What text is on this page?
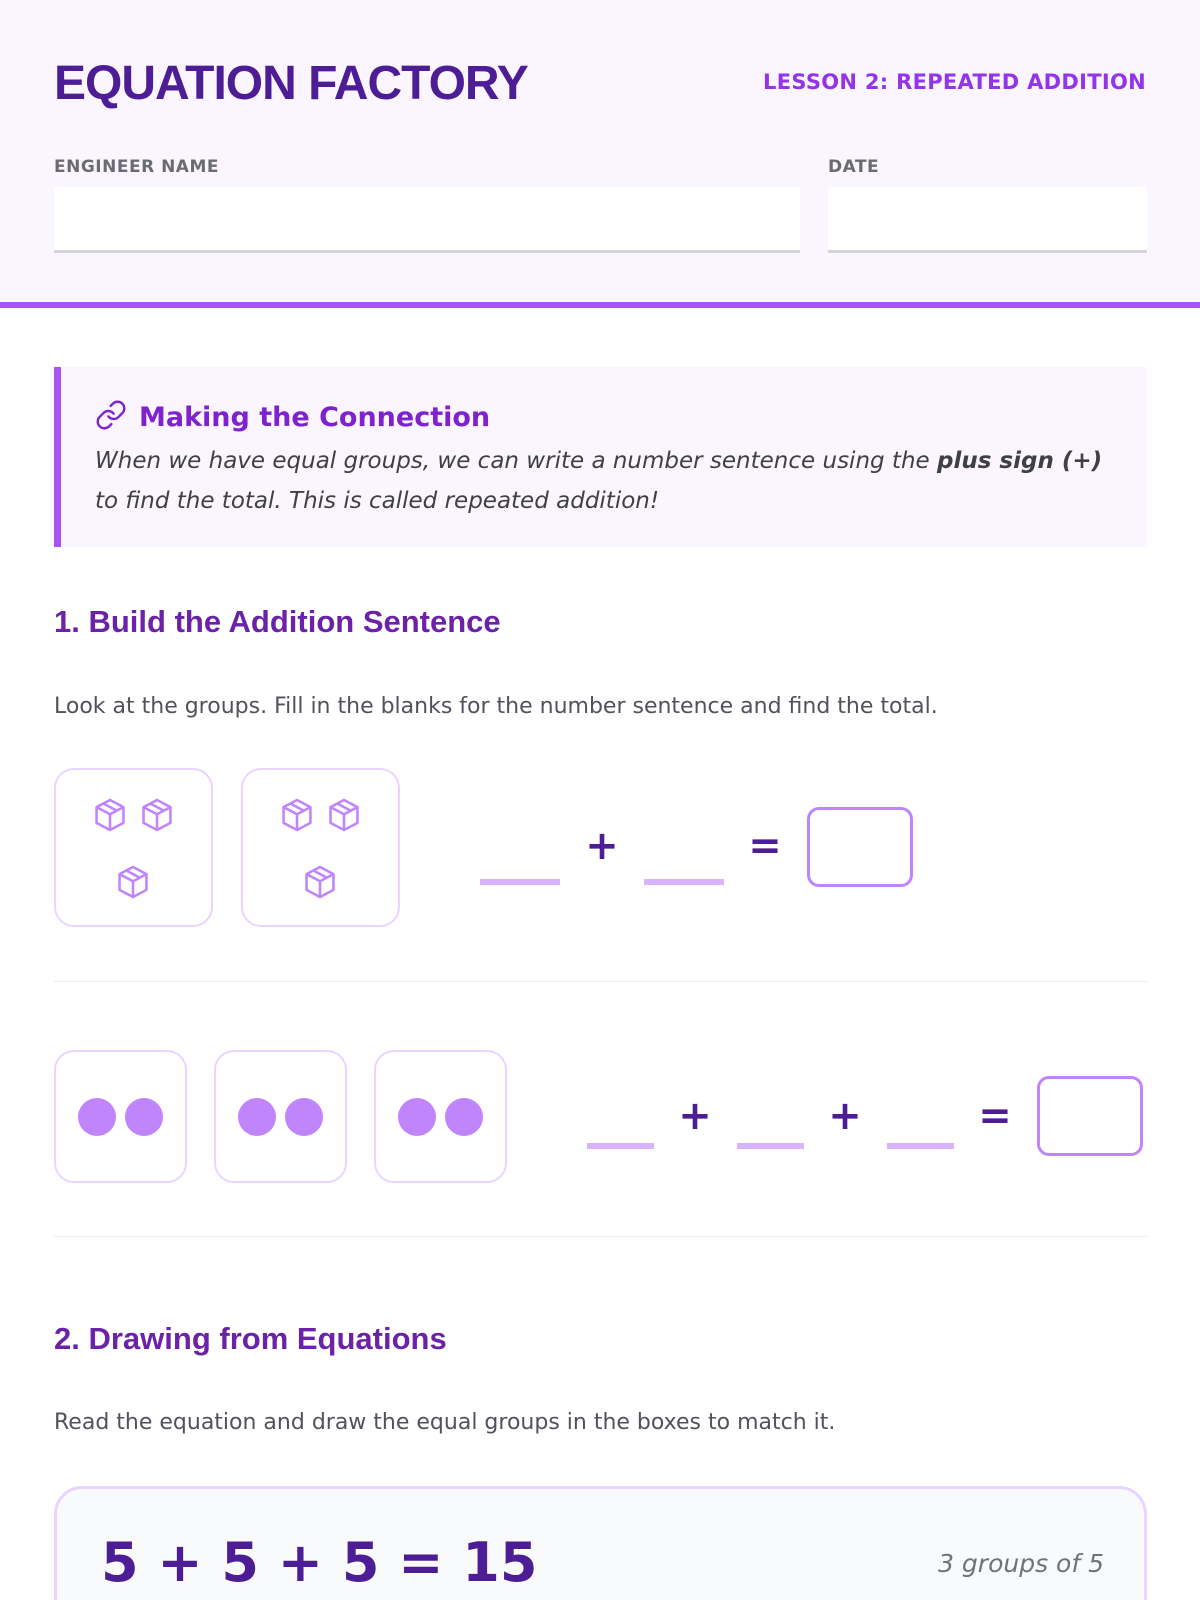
EQUATION FACTORY	LESSON 2: REPEATED ADDITION
ENGINEER NAME	DATE
Making the Connection
When we have equal groups, we can write a number sentence using the plus sign (+) to find the total. This is called repeated addition!
1. Build the Addition Sentence
Look at the groups. Fill in the blanks for the number sentence and find the total.
+	=
+	+	=
2. Drawing from Equations
Read the equation and draw the equal groups in the boxes to match it.
5 + 5 + 5 = 15	3 groups of 5
